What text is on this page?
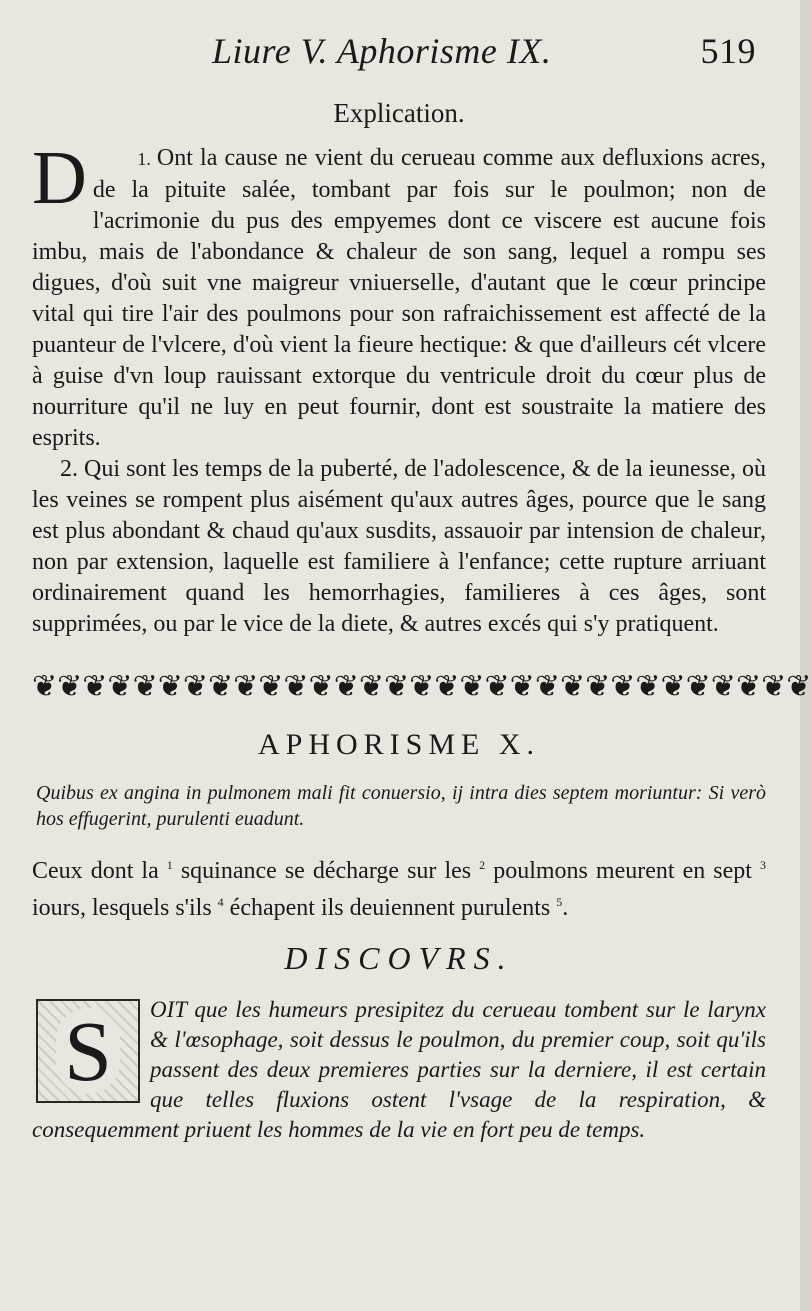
Liure V. Aphorisme IX.	519
Explication.

1.
D	Ont la cause ne vient du cerueau comme aux defluxions acres, de la pituite salée, tombant par fois sur le poulmon; non de l'acrimonie du pus des empyemes dont ce viscere est aucune fois imbu, mais de l'abondance & chaleur de son sang, lequel a rompu ses digues, d'où suit vne maigreur vniuerselle, d'autant que le cœur principe vital qui tire l'air des poulmons pour son rafraichissement est affecté de la puanteur de l'vlcere, d'où vient la fieure hectique: & que d'ailleurs cét vlcere à guise d'vn loup rauissant extorque du ventricule droit du cœur plus de nourriture qu'il ne luy en peut fournir, dont est soustraite la matiere des esprits.

2. Qui sont les temps de la puberté, de l'adolescence, & de la ieunesse, où les veines se rompent plus aisément qu'aux autres âges, pource que le sang est plus abondant & chaud qu'aux susdits, assauoir par intension de chaleur, non par extension, laquelle est familiere à l'enfance; cette rupture arriuant ordinairement quand les hemorrhagies, familieres à ces âges, sont supprimées, ou par le vice de la diete, & autres excés qui s'y pratiquent.

❦ ❦ ❦ ❦ ❦ ❦ ❦ ❦ ❦ ❦ ❦ ❦ ❦ ❦ ❦ ❦ ❦ ❦ ❦ ❦ ❦ ❦ ❦ ❦ ❦ ❦ ❦ ❦ ❦ ❦ ❦
APHORISME X.

Quibus ex angina in pulmonem mali fit conuersio, ij intra dies septem moriuntur: Si verò hos effugerint, purulenti euadunt.

Ceux dont la $^1$ squinance se décharge sur les $^2$ poulmons meurent en sept $^3$ iours, lesquels s'ils $^4$ échapent ils deuiennent purulents $^5$.

DISCOVRS.

S	OIT que les humeurs presipitez du cerueau tombent sur le larynx & l'œsophage, soit dessus le poulmon, du premier coup, soit qu'ils passent des deux premieres parties sur la derniere, il est certain que telles fluxions ostent l'vsage de la respiration, & consequemment priuent les hommes de la vie en fort peu de temps.
